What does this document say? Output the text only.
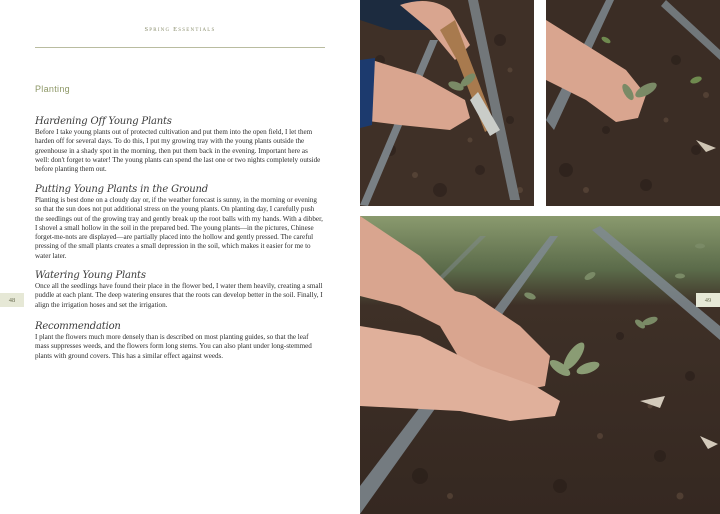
Spring Essentials
Planting

Hardening Off Young Plants

Before I take young plants out of protected cultivation and put them into the open field, I let them harden off for several days. To do this, I put my growing tray with the young plants outside the greenhouse in a shady spot in the morning, then put them back in the evening. Important here as well: don't forget to water! The young plants can spend the last one or two nights completely outside before planting them out.

Putting Young Plants in the Ground

Planting is best done on a cloudy day or, if the weather forecast is sunny, in the morning or evening so that the sun does not put additional stress on the young plants. On planting day, I carefully push the seedlings out of the growing tray and gently break up the root balls with my hands. With a dibber, I shovel a small hollow in the soil in the prepared bed. The young plants—in the pictures, Chinese forget-me-nots are displayed—are partially placed into the hollow and gently pressed. The careful pressing of the small plants creates a small depression in the soil, which makes it easier for me to water later.

Watering Young Plants

Once all the seedlings have found their place in the flower bed, I water them heavily, creating a small puddle at each plant. The deep watering ensures that the roots can develop better in the soil. Finally, I align the irrigation hoses and set the irrigation.

Recommendation

I plant the flowers much more densely than is described on most planting guides, so that the leaf mass suppresses weeds, and the flowers form long stems. You can also plant under long-stemmed plants with ground covers. This has a similar effect against weeds.

48	49
